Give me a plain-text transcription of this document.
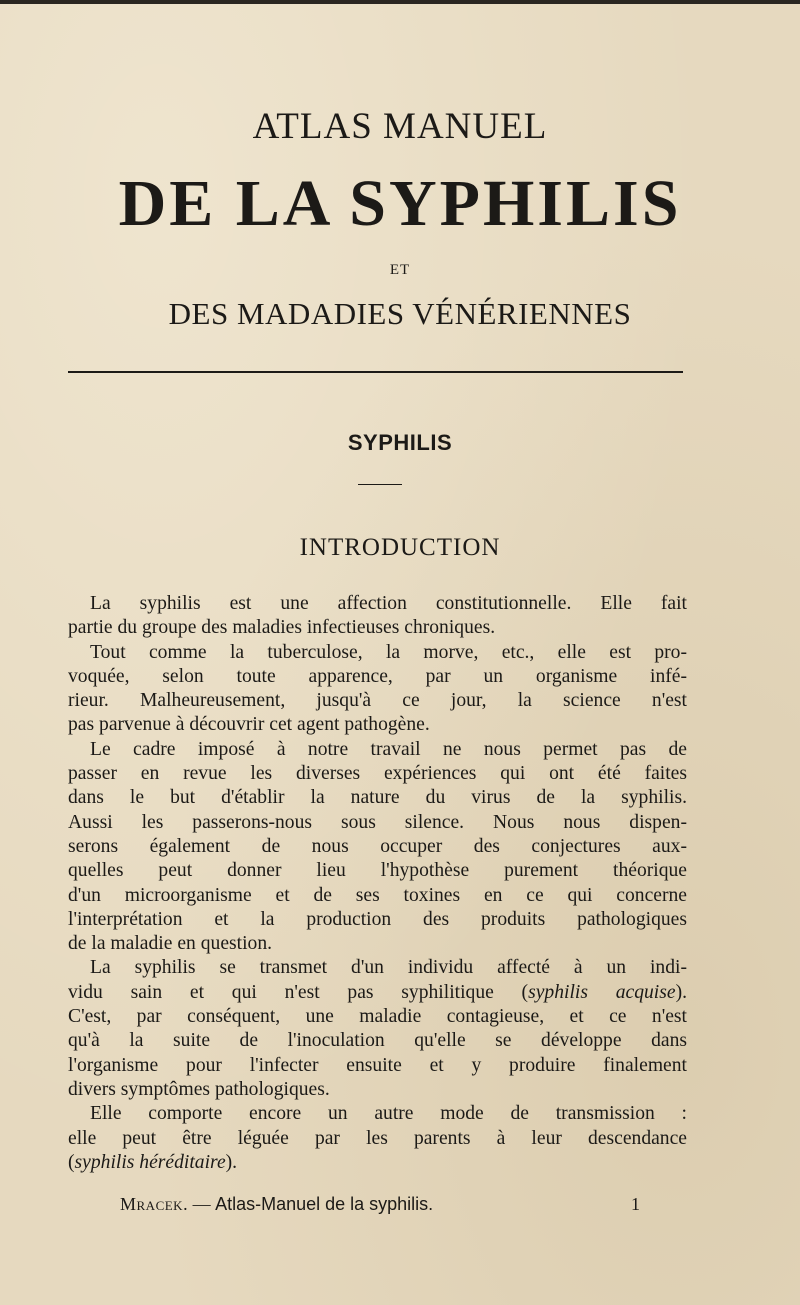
ATLAS MANUEL
DE LA SYPHILIS
ET
DES MADADIES VÉNÉRIENNES
SYPHILIS
INTRODUCTION
La syphilis est une affection constitutionnelle. Elle fait
partie du groupe des maladies infectieuses chroniques.
Tout comme la tuberculose, la morve, etc., elle est pro-
voquée, selon toute apparence, par un organisme infé-
rieur. Malheureusement, jusqu'à ce jour, la science n'est
pas parvenue à découvrir cet agent pathogène.
Le cadre imposé à notre travail ne nous permet pas de
passer en revue les diverses expériences qui ont été faites
dans le but d'établir la nature du virus de la syphilis.
Aussi les passerons-nous sous silence. Nous nous dispen-
serons également de nous occuper des conjectures aux-
quelles peut donner lieu l'hypothèse purement théorique
d'un microorganisme et de ses toxines en ce qui concerne
l'interprétation et la production des produits pathologiques
de la maladie en question.
La syphilis se transmet d'un individu affecté à un indi-
vidu sain et qui n'est pas syphilitique (syphilis acquise).
C'est, par conséquent, une maladie contagieuse, et ce n'est
qu'à la suite de l'inoculation qu'elle se développe dans
l'organisme pour l'infecter ensuite et y produire finalement
divers symptômes pathologiques.
Elle comporte encore un autre mode de transmission :
elle peut être léguée par les parents à leur descendance
(syphilis héréditaire).
Mracek. — Atlas-Manuel de la syphilis.	1
